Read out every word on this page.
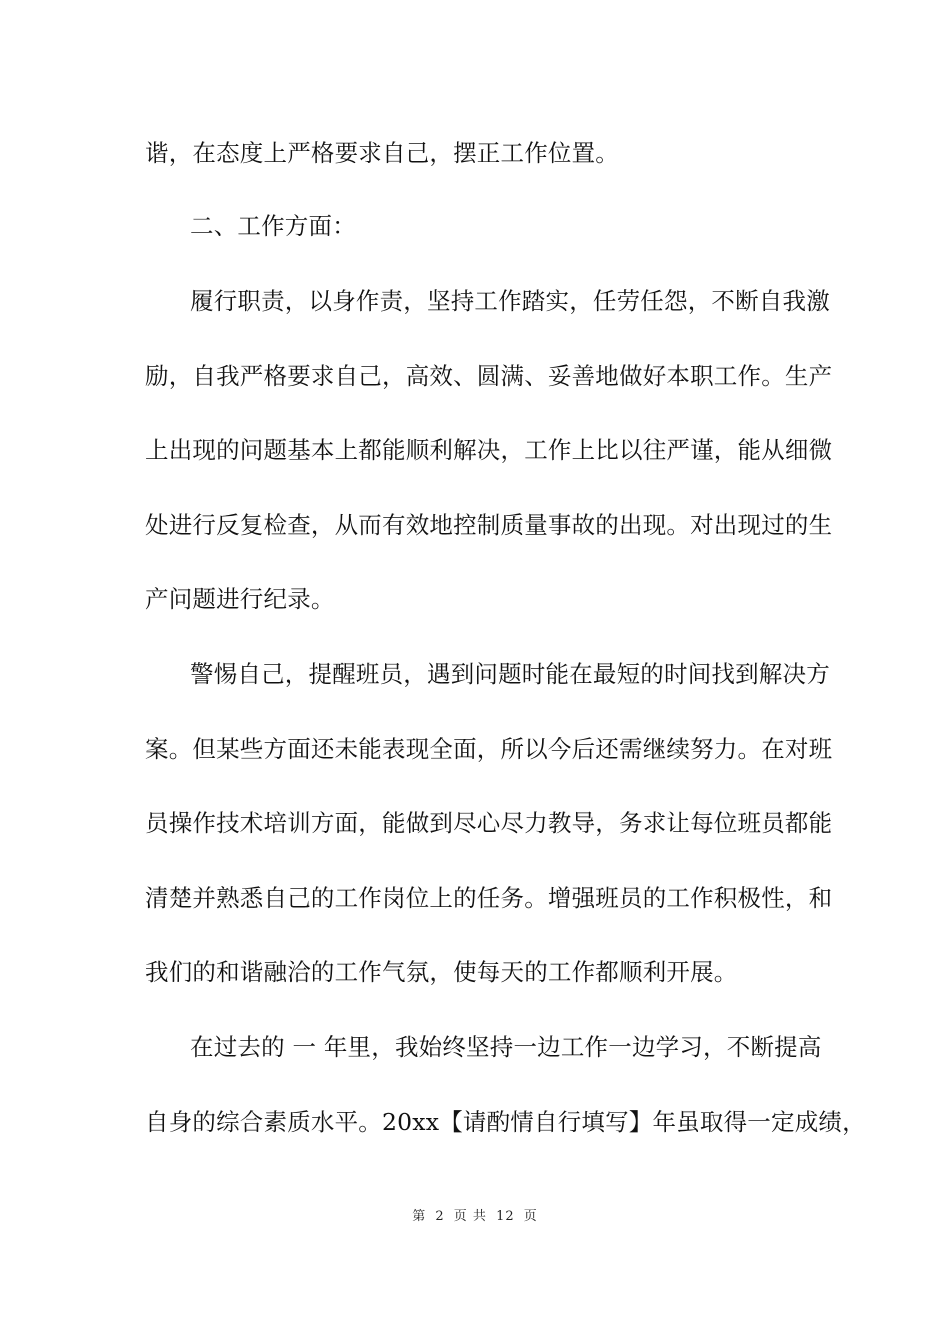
谐，在态度上严格要求自己，摆正工作位置。
二、工作方面：
履行职责，以身作责，坚持工作踏实，任劳任怨，不断自我激
励，自我严格要求自己，高效、圆满、妥善地做好本职工作。生产
上出现的问题基本上都能顺利解决，工作上比以往严谨，能从细微
处进行反复检查，从而有效地控制质量事故的出现。对出现过的生
产问题进行纪录。
警惕自己，提醒班员，遇到问题时能在最短的时间找到解决方
案。但某些方面还未能表现全面，所以今后还需继续努力。在对班
员操作技术培训方面，能做到尽心尽力教导，务求让每位班员都能
清楚并熟悉自己的工作岗位上的任务。增强班员的工作积极性，和
我们的和谐融洽的工作气氛，使每天的工作都顺利开展。
在过去的 一 年里，我始终坚持一边工作一边学习，不断提高
自身的综合素质水平。20xx【请酌情自行填写】年虽取得一定成绩，
第 2 页 共 12 页
